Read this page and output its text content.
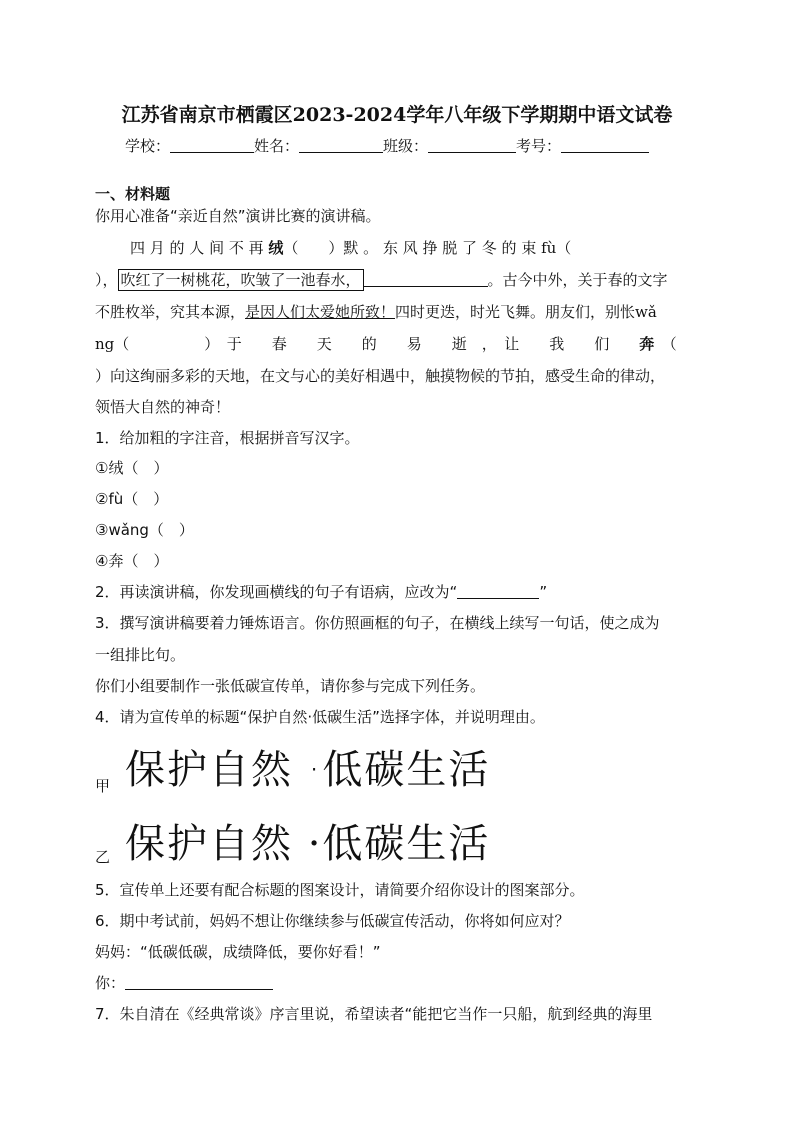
江苏省南京市栖霞区2023-2024学年八年级下学期期中语文试卷
学校：	姓名：	班级：	考号：
一、材料题
你用心准备“亲近自然”演讲比赛的演讲稿。
四 月 的 人 间 不 再 绒（　　）默 。 东 风 挣 脱 了 冬 的 束 fù（
）， 吹红了一树桃花，吹皱了一池春水，	。古今中外，关于春的文字
不胜枚举，究其本源，是因人们太爱她所致！四时更迭，时光飞舞。朋友们，别怅wǎ
ng（　　　　　）　于　　春　　天　　的　　易　　逝　，　让　　我　　们　　奔　（
）向这绚丽多彩的天地，在文与心的美好相遇中，触摸物候的节拍，感受生命的律动，
领悟大自然的神奇！
1．给加粗的字注音，根据拼音写汉字。
①绒（　）
②fù（　）
③wǎng（　）
④奔（　）
2．再读演讲稿，你发现画横线的句子有语病，应改为“	”
3．撰写演讲稿要着力锤炼语言。你仿照画框的句子，在横线上续写一句话，使之成为
一组排比句。
你们小组要制作一张低碳宣传单，请你参与完成下列任务。
4．请为宣传单的标题“保护自然·低碳生活”选择字体，并说明理由。
甲 保护自然 ·低碳生活
乙 保护自然 ·低碳生活
5．宣传单上还要有配合标题的图案设计，请简要介绍你设计的图案部分。
6．期中考试前，妈妈不想让你继续参与低碳宣传活动，你将如何应对？
妈妈：“低碳低碳，成绩降低，要你好看！”
你：
7．朱自清在《经典常谈》序言里说，希望读者“能把它当作一只船，航到经典的海里
